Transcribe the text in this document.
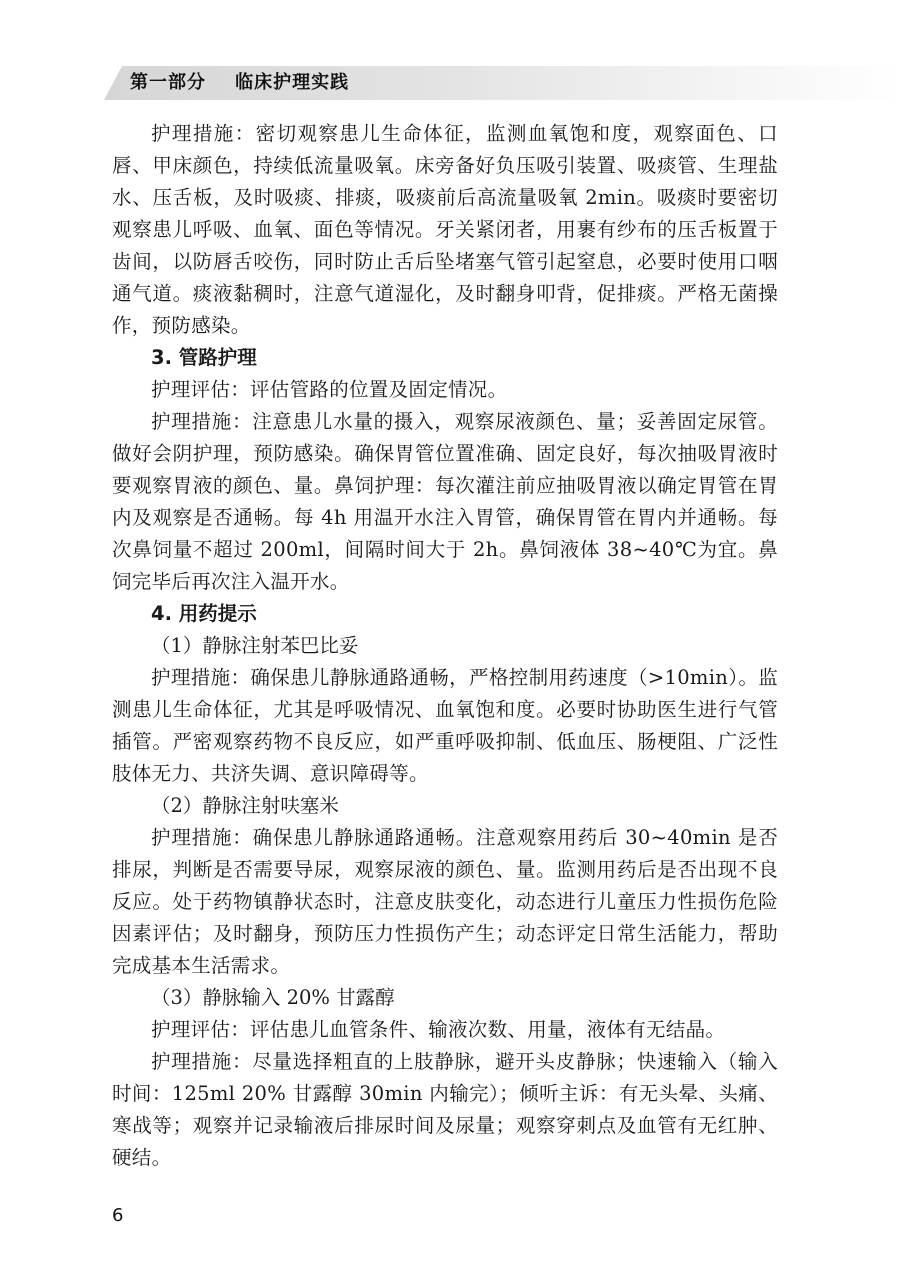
第一部分    临床护理实践

护理措施：密切观察患儿生命体征，监测血氧饱和度，观察面色、口唇、甲床颜色，持续低流量吸氧。床旁备好负压吸引装置、吸痰管、生理盐水、压舌板，及时吸痰、排痰，吸痰前后高流量吸氧 2min。吸痰时要密切观察患儿呼吸、血氧、面色等情况。牙关紧闭者，用裹有纱布的压舌板置于齿间，以防唇舌咬伤，同时防止舌后坠堵塞气管引起窒息，必要时使用口咽通气道。痰液黏稠时，注意气道湿化，及时翻身叩背，促排痰。严格无菌操作，预防感染。

3. 管路护理

护理评估：评估管路的位置及固定情况。

护理措施：注意患儿水量的摄入，观察尿液颜色、量；妥善固定尿管。做好会阴护理，预防感染。确保胃管位置准确、固定良好，每次抽吸胃液时要观察胃液的颜色、量。鼻饲护理：每次灌注前应抽吸胃液以确定胃管在胃内及观察是否通畅。每 4h 用温开水注入胃管，确保胃管在胃内并通畅。每次鼻饲量不超过 200ml，间隔时间大于 2h。鼻饲液体 38~40℃为宜。鼻饲完毕后再次注入温开水。

4. 用药提示

（1）静脉注射苯巴比妥

护理措施：确保患儿静脉通路通畅，严格控制用药速度（>10min）。监测患儿生命体征，尤其是呼吸情况、血氧饱和度。必要时协助医生进行气管插管。严密观察药物不良反应，如严重呼吸抑制、低血压、肠梗阻、广泛性肢体无力、共济失调、意识障碍等。

（2）静脉注射呋塞米

护理措施：确保患儿静脉通路通畅。注意观察用药后 30~40min 是否排尿，判断是否需要导尿，观察尿液的颜色、量。监测用药后是否出现不良反应。处于药物镇静状态时，注意皮肤变化，动态进行儿童压力性损伤危险因素评估；及时翻身，预防压力性损伤产生；动态评定日常生活能力，帮助完成基本生活需求。

（3）静脉输入 20% 甘露醇

护理评估：评估患儿血管条件、输液次数、用量，液体有无结晶。

护理措施：尽量选择粗直的上肢静脉，避开头皮静脉；快速输入（输入时间：125ml 20% 甘露醇 30min 内输完）；倾听主诉：有无头晕、头痛、寒战等；观察并记录输液后排尿时间及尿量；观察穿刺点及血管有无红肿、硬结。

6
